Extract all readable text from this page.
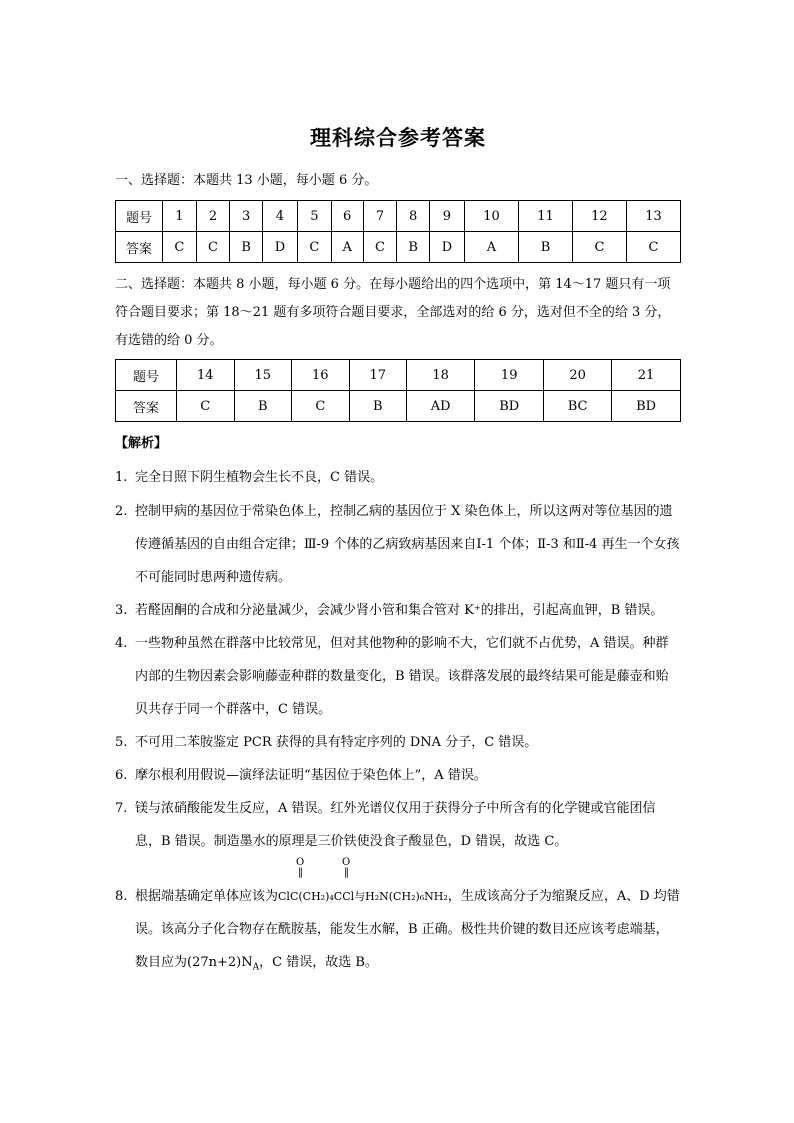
理科综合参考答案
一、选择题：本题共 13 小题，每小题 6 分。
题号	1	2	3	4	5	6	7	8	9	10	11	12	13
答案	C	C	B	D	C	A	C	B	D	A	B	C	C
二、选择题：本题共 8 小题，每小题 6 分。在每小题给出的四个选项中，第 14～17 题只有一项符合题目要求；第 18～21 题有多项符合题目要求，全部选对的给 6 分，选对但不全的给 3 分，有选错的给 0 分。
题号	14	15	16	17	18	19	20	21
答案	C	B	C	B	AD	BD	BC	BD
【解析】
1. 完全日照下阴生植物会生长不良，C 错误。
2. 控制甲病的基因位于常染色体上，控制乙病的基因位于 X 染色体上，所以这两对等位基因的遗传遵循基因的自由组合定律；Ⅲ-9 个体的乙病致病基因来自Ⅰ-1 个体；Ⅱ-3 和Ⅱ-4 再生一个女孩不可能同时患两种遗传病。
3. 若醛固酮的合成和分泌量减少，会减少肾小管和集合管对 K⁺的排出，引起高血钾，B 错误。
4. 一些物种虽然在群落中比较常见，但对其他物种的影响不大，它们就不占优势，A 错误。种群内部的生物因素会影响藤壶种群的数量变化，B 错误。该群落发展的最终结果可能是藤壶和贻贝共存于同一个群落中，C 错误。
5. 不可用二苯胺鉴定 PCR 获得的具有特定序列的 DNA 分子，C 错误。
6. 摩尔根利用假说—演绎法证明“基因位于染色体上”，A 错误。
7. 镁与浓硝酸能发生反应，A 错误。红外光谱仪仅用于获得分子中所含有的化学键或官能团信息，B 错误。制造墨水的原理是三价铁使没食子酸显色，D 错误，故选 C。
8. 根据端基确定单体应该为
O
‖
O
‖
ClC(CH₂)₄CCl与H₂N(CH₂)₆NH₂，生成该高分子为缩聚反应，A、D 均错误。该高分子化合物存在酰胺基，能发生水解，B 正确。极性共价键的数目还应该考虑端基，数目应为$(27n+2)N_A$，C 错误，故选 B。
